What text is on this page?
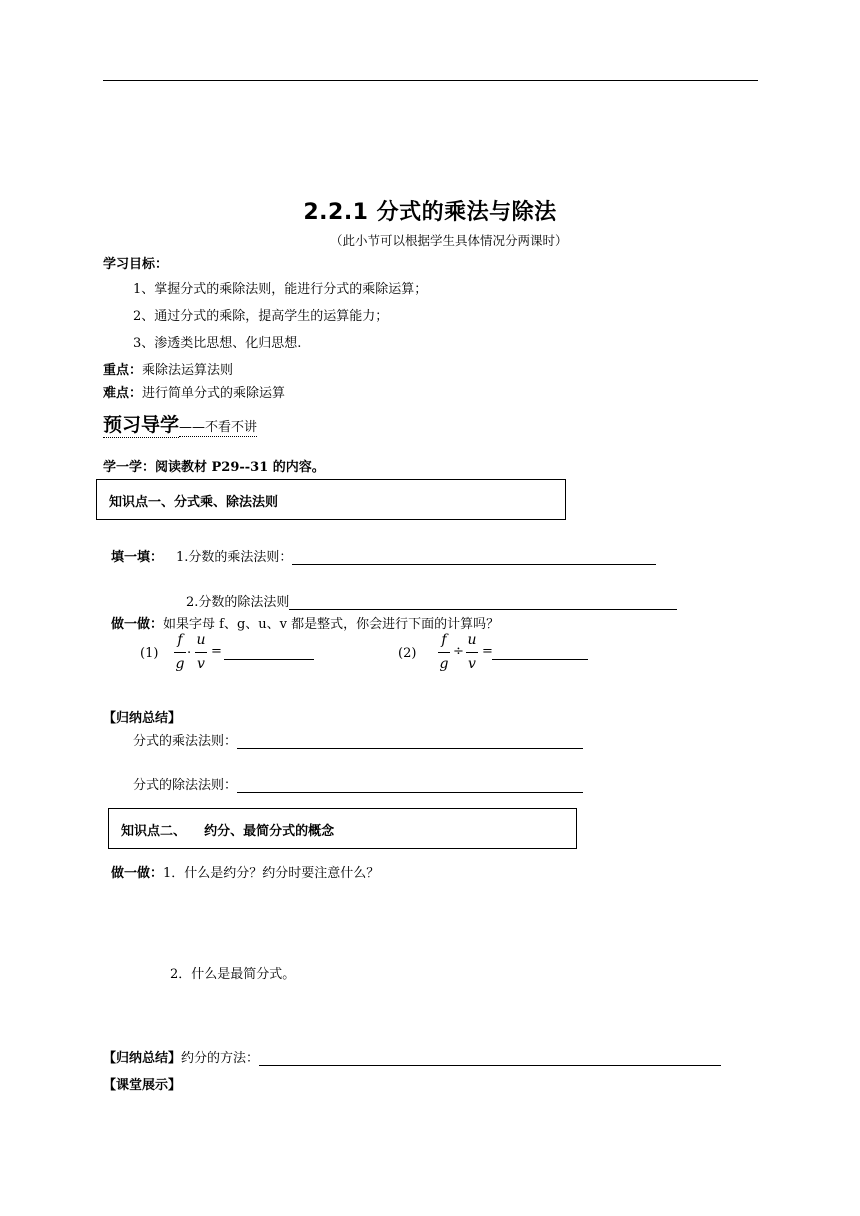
2.2.1 分式的乘法与除法
（此小节可以根据学生具体情况分两课时）
学习目标：
1、掌握分式的乘除法则，能进行分式的乘除运算；
2、通过分式的乘除，提高学生的运算能力；
3、渗透类比思想、化归思想.
重点：乘除法运算法则
难点：进行简单分式的乘除运算
预习导学——不看不讲
学一学：阅读教材 P29--31 的内容。
知识点一、分式乘、除法法则
填一填： 1.分数的乘法法则：
2.分数的除法法则
做一做：如果字母 f、g、u、v 都是整式，你会进行下面的计算吗？
(1)
f
g
.
u
v
=	(2)
f
g
÷
u
v
=
【归纳总结】
分式的乘法法则：
分式的除法法则：
知识点二、    约分、最简分式的概念
做一做：1．什么是约分？约分时要注意什么？
2．什么是最简分式。
【归纳总结】约分的方法：
【课堂展示】
